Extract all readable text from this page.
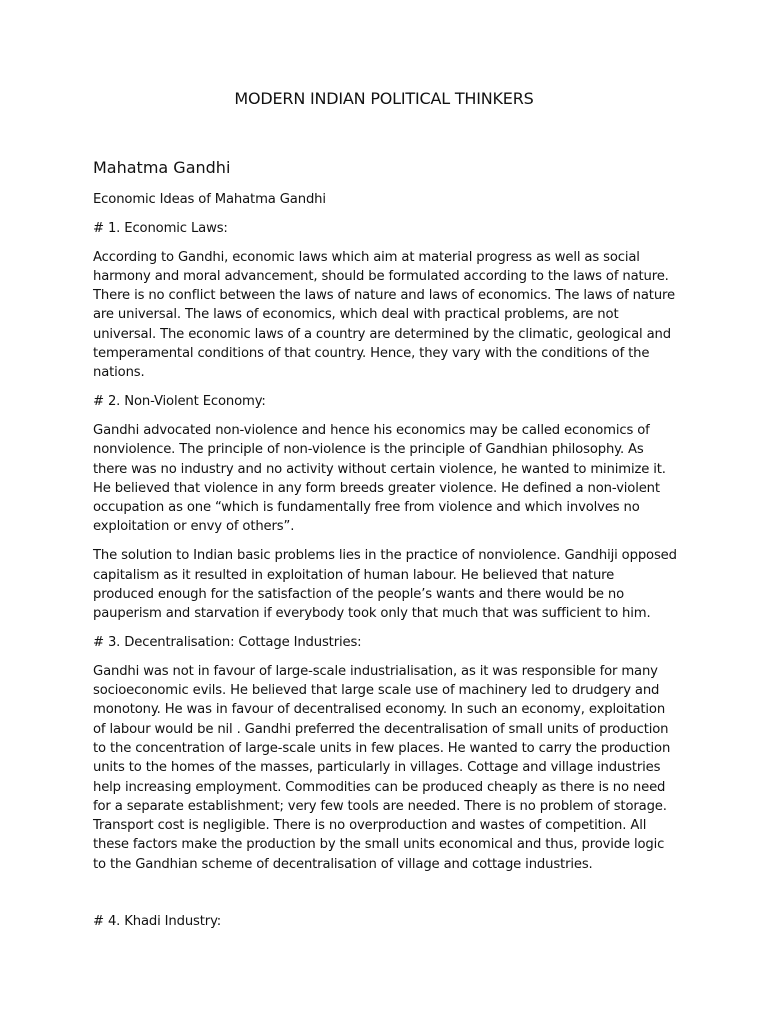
MODERN INDIAN POLITICAL THINKERS
Mahatma Gandhi

Economic Ideas of Mahatma Gandhi

# 1. Economic Laws:

According to Gandhi, economic laws which aim at material progress as well as social harmony and moral advancement, should be formulated according to the laws of nature. There is no conflict between the laws of nature and laws of economics. The laws of nature are universal. The laws of economics, which deal with practical problems, are not universal. The economic laws of a country are determined by the climatic, geological and temperamental conditions of that country. Hence, they vary with the conditions of the nations.

# 2. Non-Violent Economy:

Gandhi advocated non-violence and hence his economics may be called economics of nonviolence. The principle of non-violence is the principle of Gandhian philosophy. As there was no industry and no activity without certain violence, he wanted to minimize it. He believed that violence in any form breeds greater violence. He defined a non-violent occupation as one “which is fundamentally free from violence and which involves no exploitation or envy of others”.

The solution to Indian basic problems lies in the practice of nonviolence. Gandhiji opposed capitalism as it resulted in exploitation of human labour. He believed that nature produced enough for the satisfaction of the people’s wants and there would be no pauperism and starvation if everybody took only that much that was sufficient to him.

# 3. Decentralisation: Cottage Industries:

Gandhi was not in favour of large-scale industrialisation, as it was responsible for many socioeconomic evils. He believed that large scale use of machinery led to drudgery and monotony. He was in favour of decentralised economy. In such an economy, exploitation of labour would be nil . Gandhi preferred the decentralisation of small units of production to the concentration of large-scale units in few places. He wanted to carry the production units to the homes of the masses, particularly in villages. Cottage and village industries help increasing employment. Commodities can be produced cheaply as there is no need for a separate establishment; very few tools are needed. There is no problem of storage. Transport cost is negligible. There is no overproduction and wastes of competition. All these factors make the production by the small units economical and thus, provide logic to the Gandhian scheme of decentralisation of village and cottage industries.

# 4. Khadi Industry:
